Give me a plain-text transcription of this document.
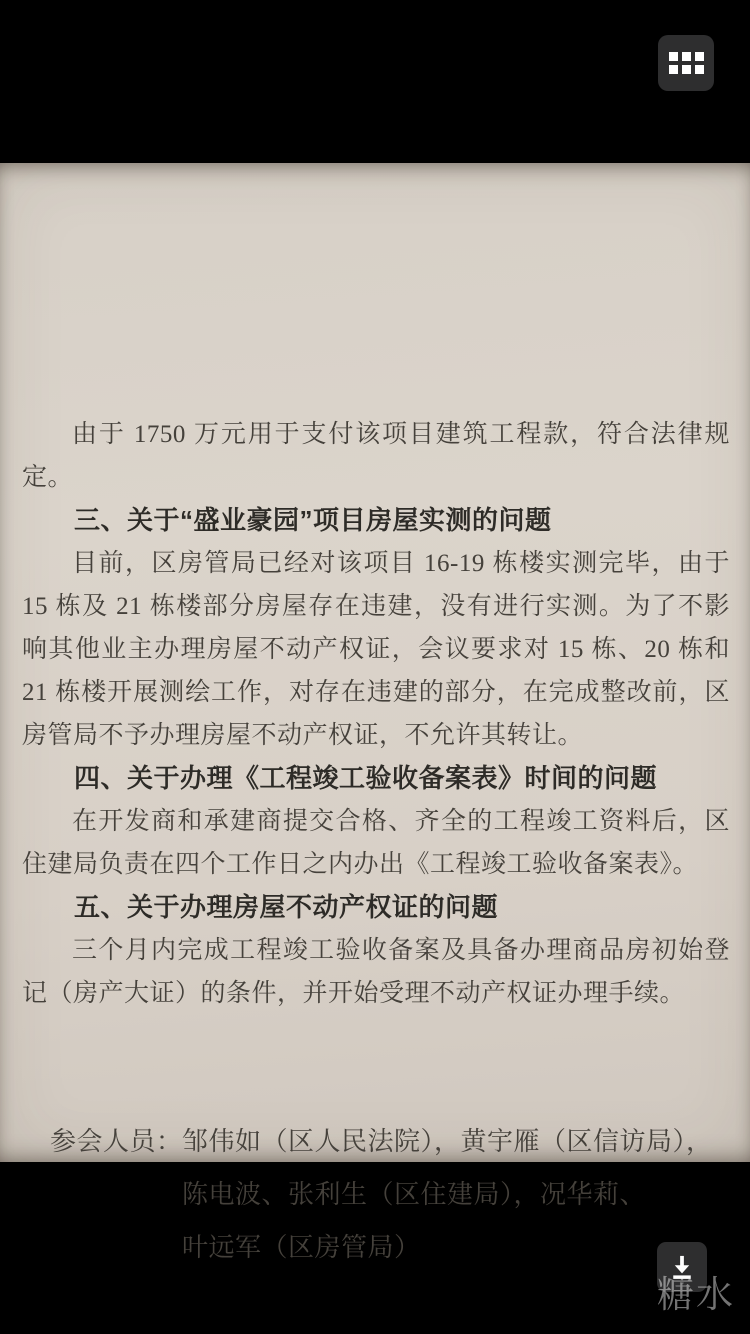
由于 1750 万元用于支付该项目建筑工程款，符合法律规定。

三、关于“盛业豪园”项目房屋实测的问题

目前，区房管局已经对该项目 16-19 栋楼实测完毕，由于 15 栋及 21 栋楼部分房屋存在违建，没有进行实测。为了不影响其他业主办理房屋不动产权证，会议要求对 15 栋、20 栋和 21 栋楼开展测绘工作，对存在违建的部分，在完成整改前，区房管局不予办理房屋不动产权证，不允许其转让。

四、关于办理《工程竣工验收备案表》时间的问题

在开发商和承建商提交合格、齐全的工程竣工资料后，区住建局负责在四个工作日之内办出《工程竣工验收备案表》。

五、关于办理房屋不动产权证的问题

三个月内完成工程竣工验收备案及具备办理商品房初始登记（房产大证）的条件，并开始受理不动产权证办理手续。

参会人员： 邹伟如（区人民法院），黄宇雁（区信访局），
陈电波、张利生（区住建局），况华莉、
叶远军（区房管局）
糖水
